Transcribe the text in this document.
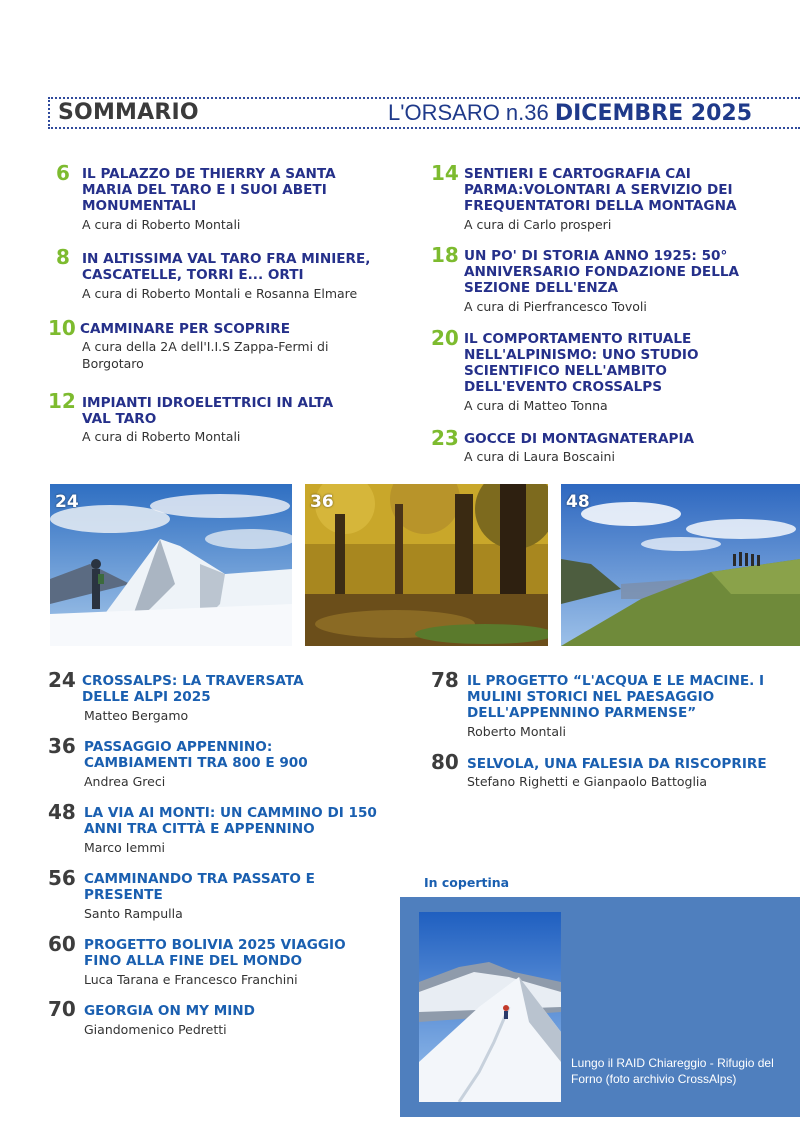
SOMMARIO	L'ORSARO n.36 DICEMBRE 2025
6 IL PALAZZO DE THIERRY A SANTA MARIA DEL TARO E I SUOI ABETI MONUMENTALI
A cura di Roberto Montali
8 IN ALTISSIMA VAL TARO FRA MINIERE, CASCATELLE, TORRI E... ORTI
A cura di Roberto Montali e Rosanna Elmare
10 CAMMINARE PER SCOPRIRE
A cura della 2A dell'I.I.S Zappa-Fermi di Borgotaro
12 IMPIANTI IDROELETTRICI IN ALTA VAL TARO
A cura di Roberto Montali
14 SENTIERI E CARTOGRAFIA CAI PARMA:VOLONTARI A SERVIZIO DEI FREQUENTATORI DELLA MONTAGNA
A cura di Carlo prosperi
18 UN PO' DI STORIA ANNO 1925: 50° ANNIVERSARIO FONDAZIONE DELLA SEZIONE DELL'ENZA
A cura di Pierfrancesco Tovoli
20 IL COMPORTAMENTO RITUALE NELL'ALPINISMO: UNO STUDIO SCIENTIFICO NELL'AMBITO DELL'EVENTO CROSSALPS
A cura di Matteo Tonna
23 GOCCE DI MONTAGNATERAPIA
A cura di Laura Boscaini
24	36	48
24 CROSSALPS: LA TRAVERSATA DELLE ALPI 2025
Matteo Bergamo
36 PASSAGGIO APPENNINO: CAMBIAMENTI TRA 800 E 900
Andrea Greci
48 LA VIA AI MONTI: UN CAMMINO DI 150 ANNI TRA CITTÀ E APPENNINO
Marco Iemmi
56 CAMMINANDO TRA PASSATO E PRESENTE
Santo Rampulla
60 PROGETTO BOLIVIA 2025 VIAGGIO FINO ALLA FINE DEL MONDO
Luca Tarana e Francesco Franchini
70 GEORGIA ON MY MIND
Giandomenico Pedretti
78 IL PROGETTO “L'ACQUA E LE MACINE. I MULINI STORICI NEL PAESAGGIO DELL'APPENNINO PARMENSE”
Roberto Montali
80 SELVOLA, UNA FALESIA DA RISCOPRIRE
Stefano Righetti e Gianpaolo Battoglia
In copertina
Lungo il RAID Chiareggio - Rifugio del Forno (foto archivio CrossAlps)
